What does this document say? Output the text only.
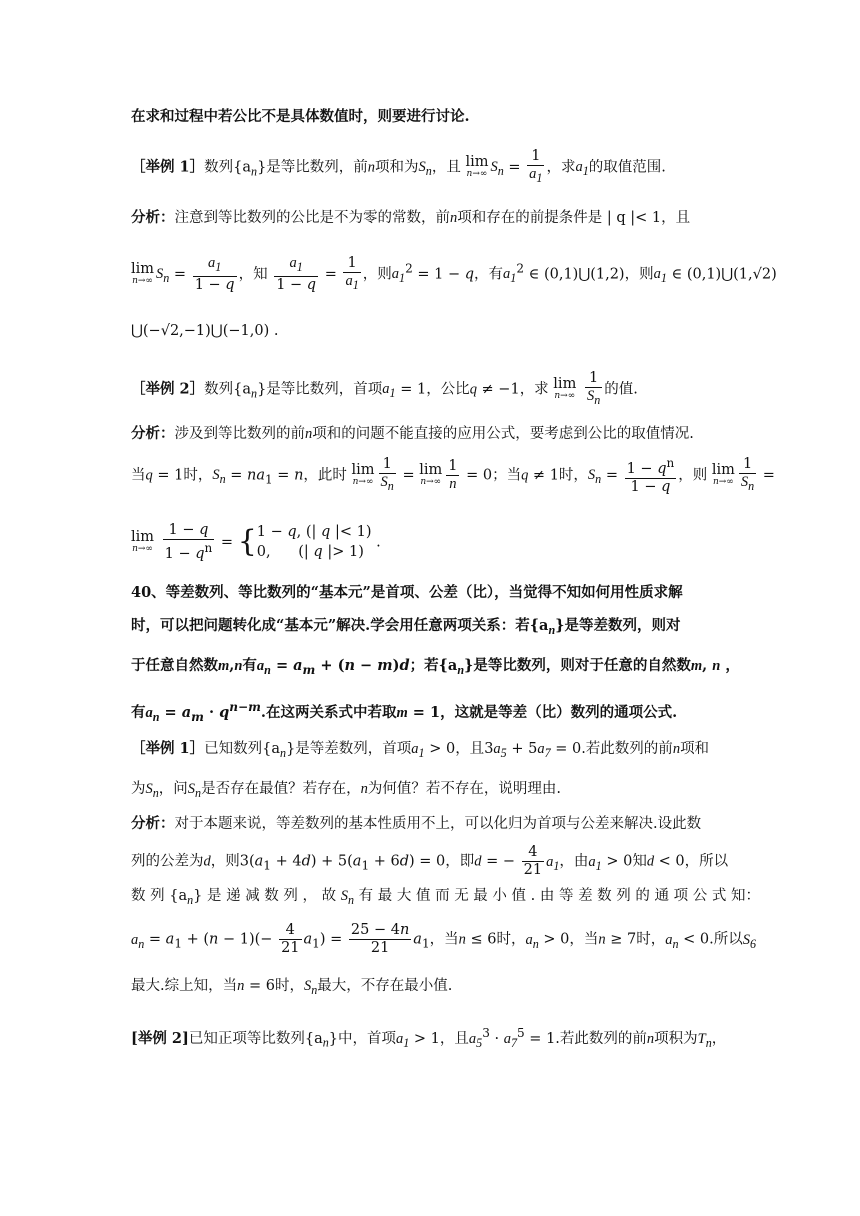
在求和过程中若公比不是具体数值时，则要进行讨论.
［举例 1］数列$\{a_n\}$是等比数列，前n项和为$S_n$，且 lim
n→∞ $S_n = \frac{1}{a_1}$ ，求$a_1$的取值范围.
分析：注意到等比数列的公比是不为零的常数，前n项和存在的前提条件是 | q |< 1，且
lim
n→∞ $S_n = \frac{a_1}{1 - q}$ ，知 $\frac{a_1}{1 - q} = \frac{1}{a_1}$ ，则$a_1^2 = 1 - q$，有$a_1^2$ ∈ (0,1)⋃(1,2)，则$a_1$ ∈ (0,1)⋃(1,√2)
⋃(−√2,−1)⋃(−1,0) .
［举例 2］数列$\{a_n\}$是等比数列，首项$a_1 = 1$，公比q ≠ −1，求 lim
n→∞
$\frac{1}{S_n}$ 的值.
分析：涉及到等比数列的前n项和的问题不能直接的应用公式，要考虑到公比的取值情况.
当q = 1时，$S_n = na_1 = n$，此时 lim
$n\to\infty \frac{1}{S_n} = \lim$
$n\to\infty \frac{1}{n} = 0$；当q ≠ 1时，$S_n = \frac{1 - q^n}{1 - q}$ ，则 lim
$n\to\infty \frac{1}{S_n}$ =
lim
n→∞
$\frac{1 - q}{1 - q^n} = \{1 - q$, (| q |< 1)
0,      (| q |> 1) .
40、等差数列、等比数列的“基本元”是首项、公差（比），当觉得不知如何用性质求解
时，可以把问题转化成“基本元”解决.学会用任意两项关系：若$\{a_n\}$是等差数列，则对
于任意自然数m,n有$a_n = a_m + (n - m)d$；若$\{a_n\}$是等比数列，则对于任意的自然数m, n ，
有$a_n = a_m \cdot q^{n-m}$.在这两关系式中若取m = 1，这就是等差（比）数列的通项公式.
［举例 1］已知数列$\{a_n\}$是等差数列，首项$a_1 > 0$，且$3a_5 + 5a_7 = 0$.若此数列的前n项和
为$S_n$，问$S_n$是否存在最值？若存在，n为何值？若不存在，说明理由.
分析：对于本题来说，等差数列的基本性质用不上，可以化归为首项与公差来解决.设此数
列的公差为d，则$3(a_1 + 4d) + 5(a_1 + 6d) = 0$，即d = − $\frac{4}{21} a_1$，由$a_1 > 0$知d < 0，所以
数 列 $\{a_n\}$ 是 递 减 数 列 ， 故 $S_n$ 有 最 大 值 而 无 最 小 值 . 由 等 差 数 列 的 通 项 公 式 知：
$a_n = a_1 + (n - 1)(- \frac{4}{21} a_1) = \frac{25 - 4n}{21} a_1$，当n ≤ 6时，$a_n > 0$，当n ≥ 7时，$a_n < 0$.所以$S_6$
最大.综上知，当n = 6时，$S_n$最大，不存在最小值.
[举例 2]已知正项等比数列$\{a_n\}$中，首项$a_1 > 1$，且$a_5^3 \cdot a_7^5 = 1$.若此数列的前n项积为$T_n$，
